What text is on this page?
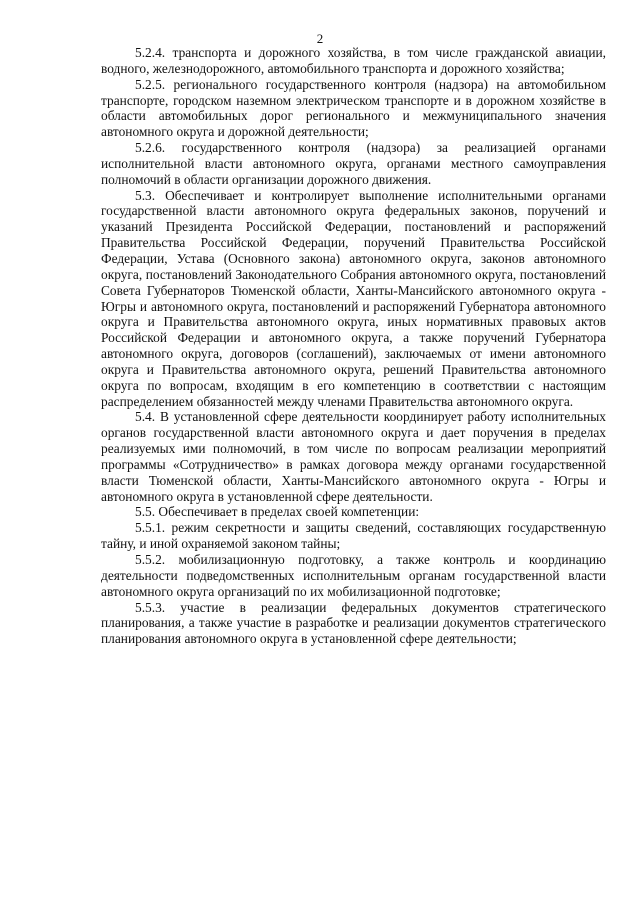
2

5.2.4. транспорта и дорожного хозяйства, в том числе гражданской авиации, водного, железнодорожного, автомобильного транспорта и дорожного хозяйства;

5.2.5. регионального государственного контроля (надзора) на автомобильном транспорте, городском наземном электрическом транспорте и в дорожном хозяйстве в области автомобильных дорог регионального и межмуниципального значения автономного округа и дорожной деятельности;

5.2.6. государственного контроля (надзора) за реализацией органами исполнительной власти автономного округа, органами местного самоуправления полномочий в области организации дорожного движения.

5.3. Обеспечивает и контролирует выполнение исполнительными органами государственной власти автономного округа федеральных законов, поручений и указаний Президента Российской Федерации, постановлений и распоряжений Правительства Российской Федерации, поручений Правительства Российской Федерации, Устава (Основного закона) автономного округа, законов автономного округа, постановлений Законодательного Собрания автономного округа, постановлений Совета Губернаторов Тюменской области, Ханты-Мансийского автономного округа - Югры и автономного округа, постановлений и распоряжений Губернатора автономного округа и Правительства автономного округа, иных нормативных правовых актов Российской Федерации и автономного округа, а также поручений Губернатора автономного округа, договоров (соглашений), заключаемых от имени автономного округа и Правительства автономного округа, решений Правительства автономного округа по вопросам, входящим в его компетенцию в соответствии с настоящим распределением обязанностей между членами Правительства автономного округа.

5.4. В установленной сфере деятельности координирует работу исполнительных органов государственной власти автономного округа и дает поручения в пределах реализуемых ими полномочий, в том числе по вопросам реализации мероприятий программы «Сотрудничество» в рамках договора между органами государственной власти Тюменской области, Ханты-Мансийского автономного округа - Югры и автономного округа в установленной сфере деятельности.

5.5. Обеспечивает в пределах своей компетенции:

5.5.1. режим секретности и защиты сведений, составляющих государственную тайну, и иной охраняемой законом тайны;

5.5.2. мобилизационную подготовку, а также контроль и координацию деятельности подведомственных исполнительным органам государственной власти автономного округа организаций по их мобилизационной подготовке;

5.5.3. участие в реализации федеральных документов стратегического планирования, а также участие в разработке и реализации документов стратегического планирования автономного округа в установленной сфере деятельности;
